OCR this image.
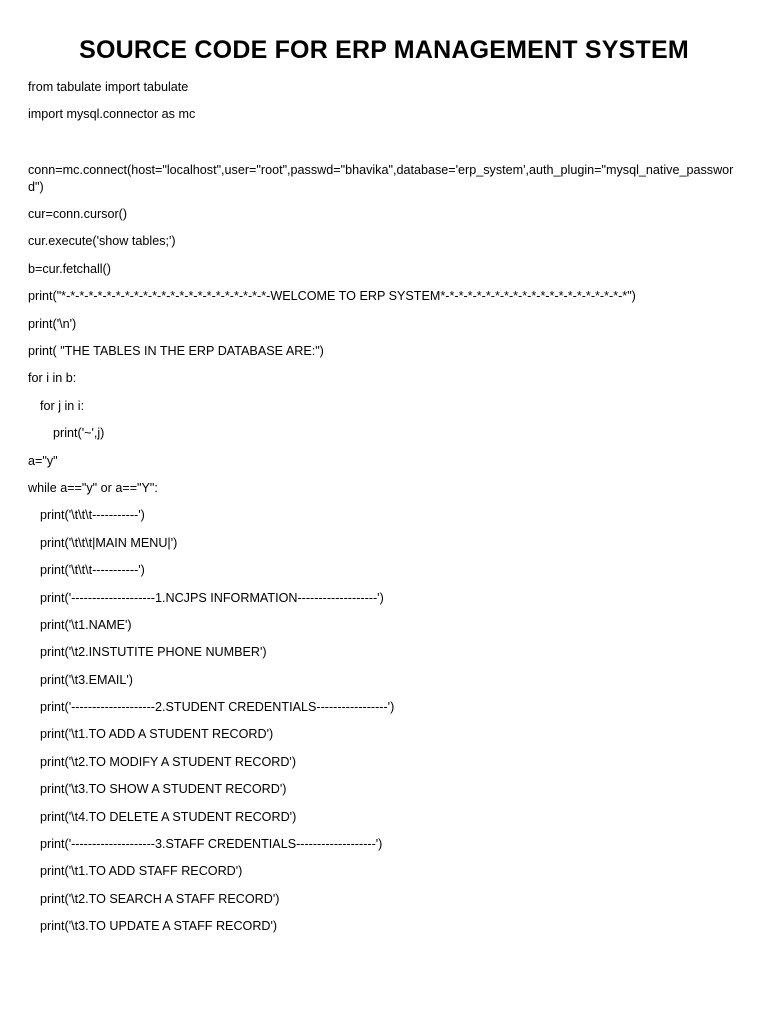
SOURCE CODE FOR ERP MANAGEMENT SYSTEM

from tabulate import tabulate

import mysql.connector as mc

conn=mc.connect(host="localhost",user="root",passwd="bhavika",database='erp_system',auth_plugin="mysql_native_password")

cur=conn.cursor()

cur.execute('show tables;')

b=cur.fetchall()

print("*-*-*-*-*-*-*-*-*-*-*-*-*-*-*-*-*-*-*-*-*-*-*-WELCOME TO ERP SYSTEM*-*-*-*-*-*-*-*-*-*-*-*-*-*-*-*-*-*-*-*-*")

print('\n')

print( "THE TABLES IN THE ERP DATABASE ARE:")

for i in b:

for j in i:

print('~',j)

a="y"

while a=="y" or a=="Y":

print('\t\t\t-----------')

print('\t\t\t|MAIN MENU|')

print('\t\t\t-----------')

print('--------------------1.NCJPS INFORMATION-------------------')

print('\t1.NAME')

print('\t2.INSTUTITE PHONE NUMBER')

print('\t3.EMAIL')

print('--------------------2.STUDENT CREDENTIALS-----------------')

print('\t1.TO ADD A STUDENT RECORD')

print('\t2.TO MODIFY A STUDENT RECORD')

print('\t3.TO SHOW A STUDENT RECORD')

print('\t4.TO DELETE A STUDENT RECORD')

print('--------------------3.STAFF CREDENTIALS-------------------')

print('\t1.TO ADD STAFF RECORD')

print('\t2.TO SEARCH A STAFF RECORD')

print('\t3.TO UPDATE A STAFF RECORD')
